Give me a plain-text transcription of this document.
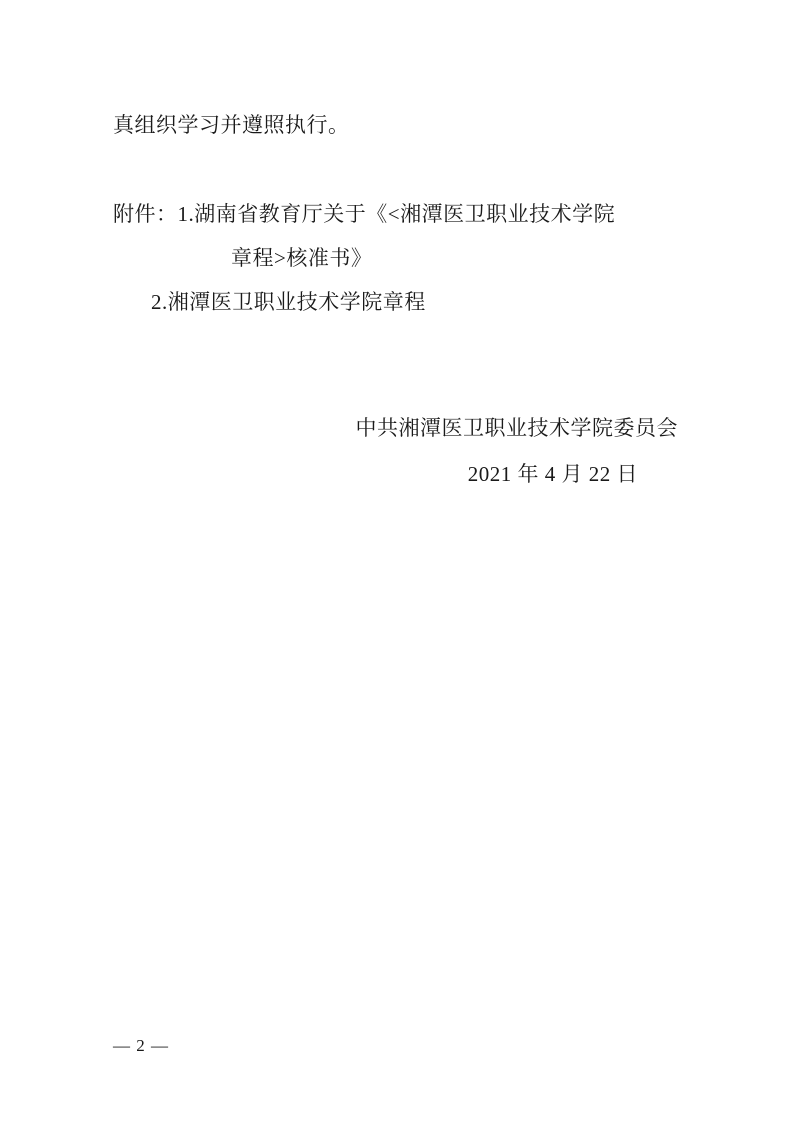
真组织学习并遵照执行。
附件：1.湖南省教育厅关于《<湘潭医卫职业技术学院
章程>核准书》
2.湘潭医卫职业技术学院章程
中共湘潭医卫职业技术学院委员会
2021 年 4 月 22 日
— 2 —
